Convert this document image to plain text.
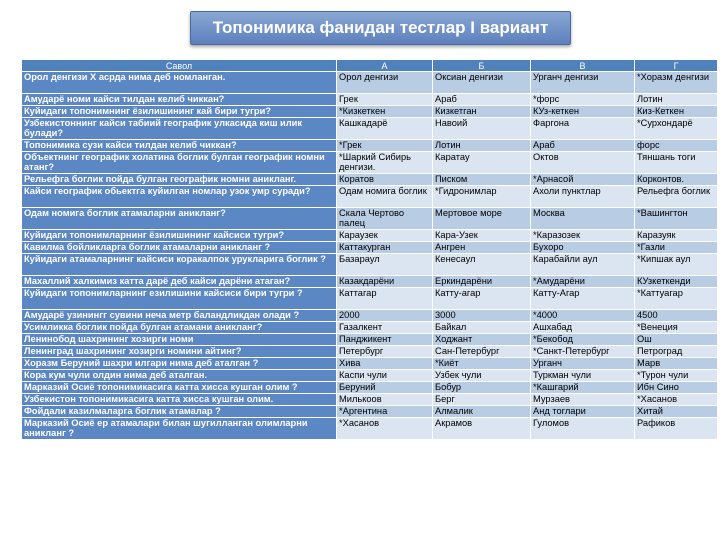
Топонимика фанидан тестлар I вариант
Савол	А	Б	В	Г
Орол денгизи X асрда нима деб номланган.	Орол денгизи	Оксиан денгизи	Урганч денгизи	*Хоразм денгизи
Амударё номи кайси тилдан келиб чиккан?	Грек	Араб	*форс	Лотин
Куйидаги топонимнинг ёзилишининг кай бири тугри?	*Кизкеткен	Кизкетган	КУз-кеткен	Киз-Кеткен
Узбекистоннинг кайси табиий географик улкасида киш илик булади?	Кашкадарё	Навоий	Фаргона	*Сурхондарё
Топонимика сузи кайси тилдан келиб чиккан?	*Грек	Лотин	Араб	форс
Объектнинг географик холатина боглик булган географик номни атанг?	*Шаркий Сибирь денгизи.	Каратау	Октов	Тяншань тоги
Рельефга боглик пойда булган географик номни аникланг.	Коратов	Писком	*Арнасой	Корконтов.
Кайси географик обьектга куйилган номлар узок умр суради?	Одам номига боглик	*Гидронимлар	Ахоли пунктлар	Рельефга боглик
Одам номига боглик атамаларни аникланг?	Скала Чертово палец	Мертовое море	Москва	*Вашингтон
Куйидаги топонимларнинг ёзилишининг кайсиси тугри?	Караузек	Кара-Узек	*Каразозек	Каразуяк
Кавилма бойликларга боглик атамаларни аникланг ?	Каттакурган	Ангрен	Бухоро	*Газли
Куйидаги атамаларнинг кайсиси коракалпок урукларига боглик ?	Базараул	Кенесаул	Карабайли аул	*Кипшак аул
Махаллий халкимиз катта дарё деб кайси дарёни атаган?	Казакдарёни	Еркиндарёни	*Амударёни	КУзкеткенди
Куйидаги топонимларнинг езилишини кайсиси бири тугри ?	Каттагар	Катту-агар	Катту-Агар	*Каттуагар
Амударё узинингг сувини неча метр баландликдан олади ?	2000	3000	*4000	4500
Усимликка боглик пойда булган атамани аникланг?	Газалкент	Байкал	Ашхабад	*Венеция
Ленинобод шахрининг хозирги номи	Панджикент	Ходжант	*Бекобод	Ош
Ленинград шахрининг хозирги номини айтинг?	Петербург	Сан-Петербург	*Санкт-Петербург	Петроград
Хоразм Беруний шахри илгари нима деб аталган ?	Хива	*Киёт	Урганч	Марв
Кора кум чули олдин нима деб аталган.	Каспи чули	Узбек чули	Туркман чули	*Турон чули
Марказий Осиё топонимикасига катта хисса кушган олим ?	Беруний	Бобур	*Кашгарий	Ибн Сино
Узбекистон топонимикасига катта хисса кушган олим.	Милькоов	Берг	Мурзаев	*Хасанов
Фойдали казилмаларга боглик атамалар ?	*Аргентина	Алмалик	Анд тоглари	Хитай
Марказий Осиё ер атамалари билан шугилланган олимларни аникланг ?	*Хасанов	Акрамов	Гуломов	Рафиков
